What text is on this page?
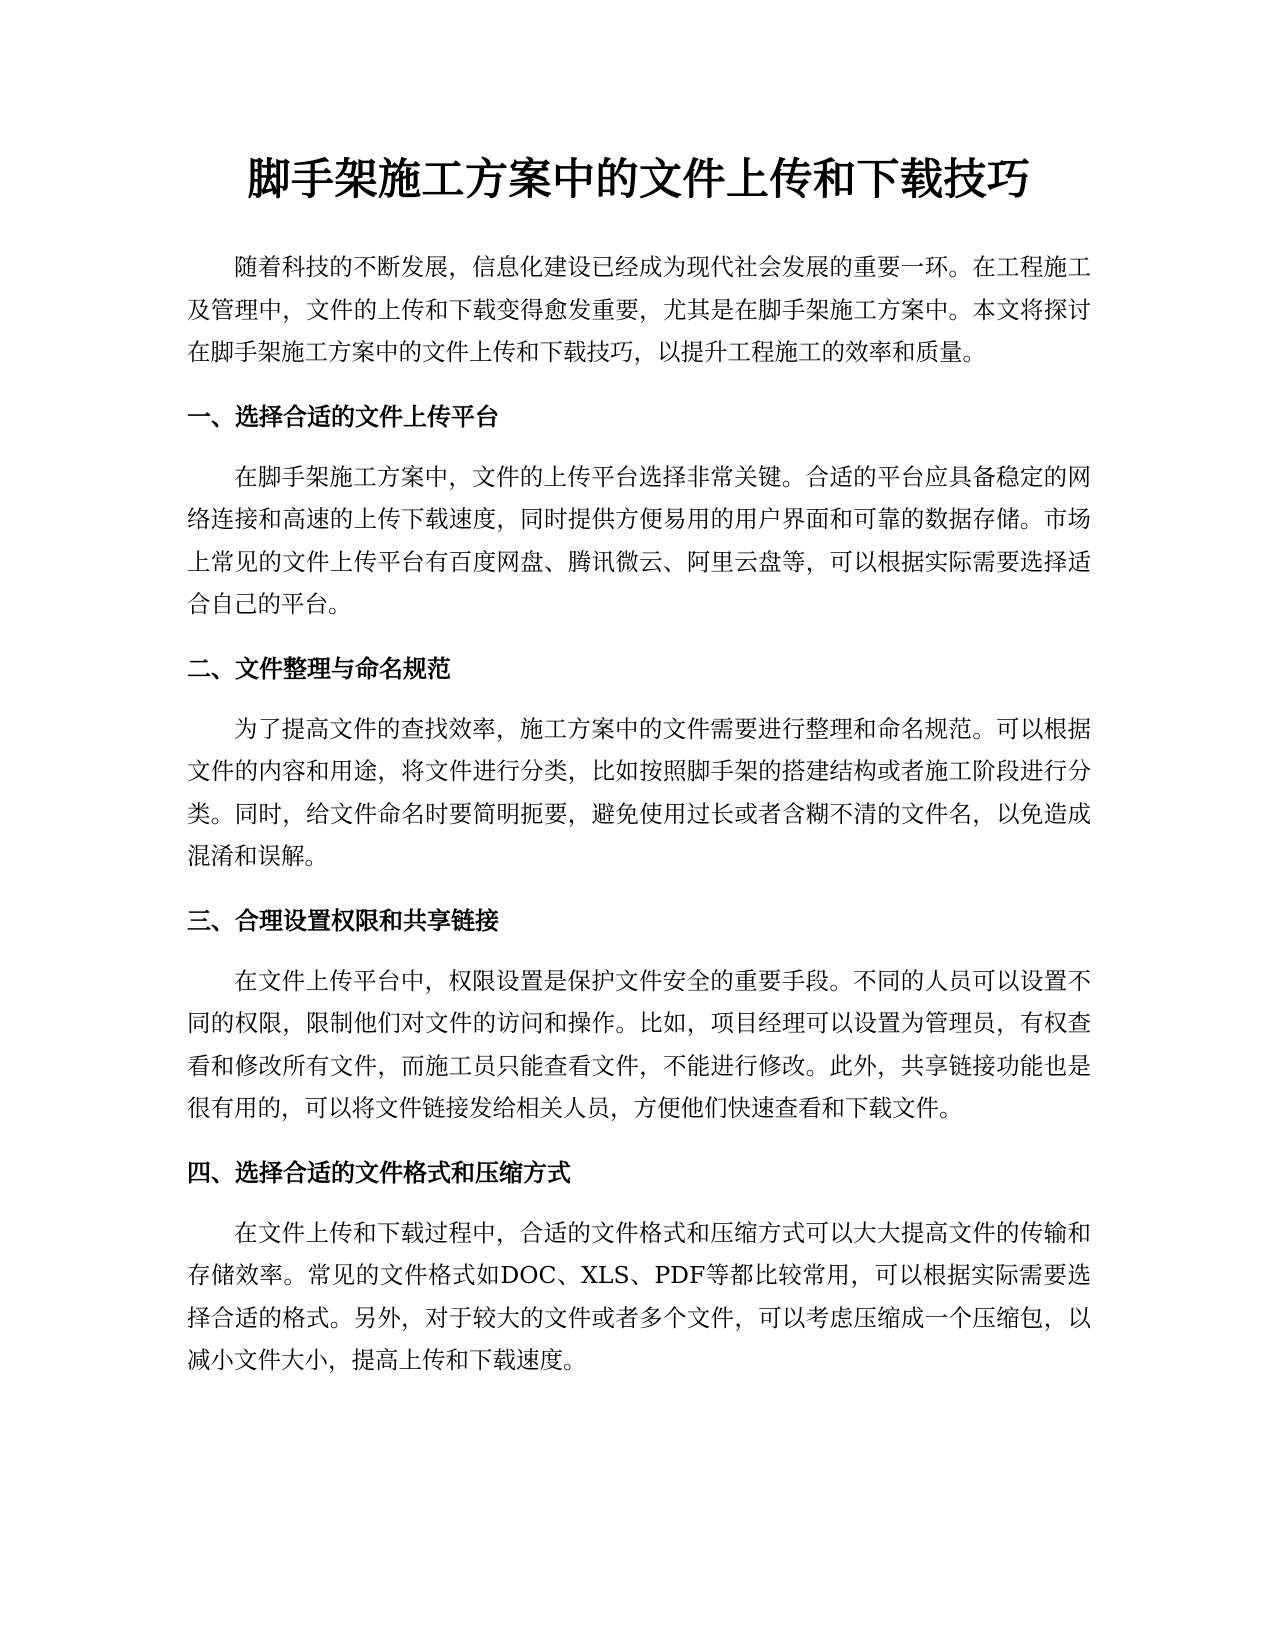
脚手架施工方案中的文件上传和下载技巧

随着科技的不断发展，信息化建设已经成为现代社会发展的重要一环。在工程施工及管理中，文件的上传和下载变得愈发重要，尤其是在脚手架施工方案中。本文将探讨在脚手架施工方案中的文件上传和下载技巧，以提升工程施工的效率和质量。

一、选择合适的文件上传平台

在脚手架施工方案中，文件的上传平台选择非常关键。合适的平台应具备稳定的网络连接和高速的上传下载速度，同时提供方便易用的用户界面和可靠的数据存储。市场上常见的文件上传平台有百度网盘、腾讯微云、阿里云盘等，可以根据实际需要选择适合自己的平台。

二、文件整理与命名规范

为了提高文件的查找效率，施工方案中的文件需要进行整理和命名规范。可以根据文件的内容和用途，将文件进行分类，比如按照脚手架的搭建结构或者施工阶段进行分类。同时，给文件命名时要简明扼要，避免使用过长或者含糊不清的文件名，以免造成混淆和误解。

三、合理设置权限和共享链接

在文件上传平台中，权限设置是保护文件安全的重要手段。不同的人员可以设置不同的权限，限制他们对文件的访问和操作。比如，项目经理可以设置为管理员，有权查看和修改所有文件，而施工员只能查看文件，不能进行修改。此外，共享链接功能也是很有用的，可以将文件链接发给相关人员，方便他们快速查看和下载文件。

四、选择合适的文件格式和压缩方式

在文件上传和下载过程中，合适的文件格式和压缩方式可以大大提高文件的传输和存储效率。常见的文件格式如DOC、XLS、PDF等都比较常用，可以根据实际需要选择合适的格式。另外，对于较大的文件或者多个文件，可以考虑压缩成一个压缩包，以减小文件大小，提高上传和下载速度。
